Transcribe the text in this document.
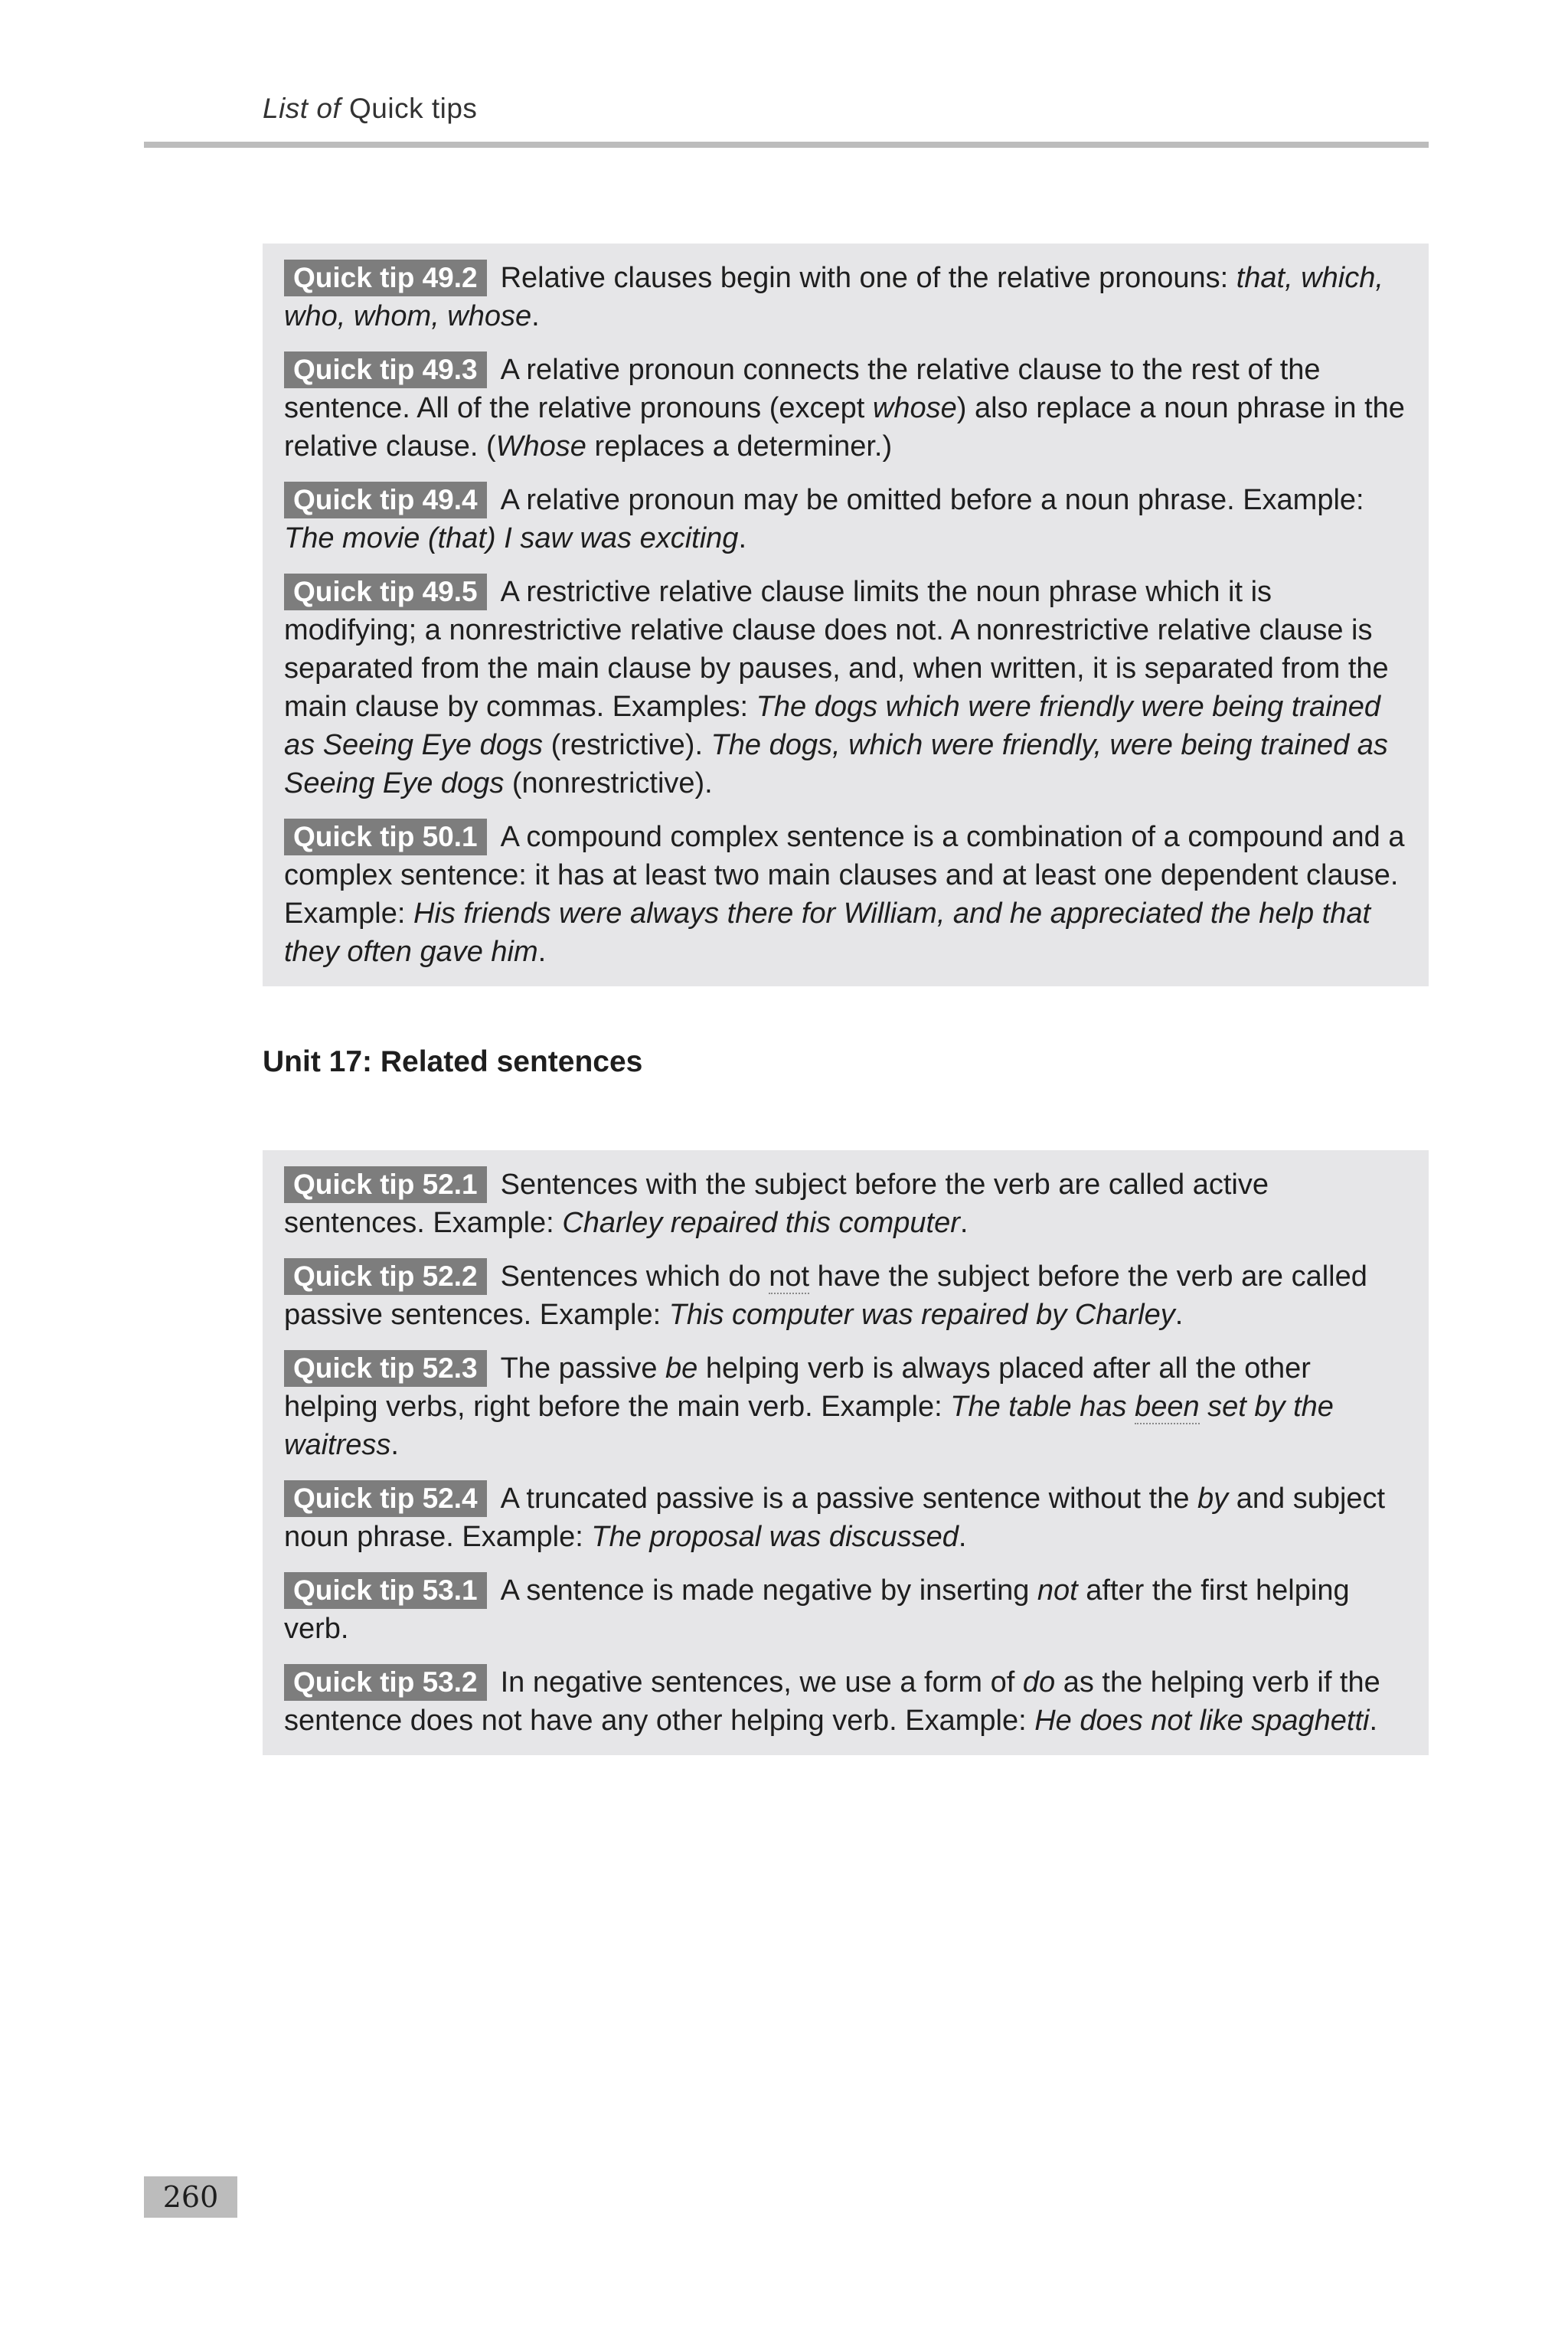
List of Quick tips
Quick tip 49.2 Relative clauses begin with one of the relative pronouns: that, which, who, whom, whose.
Quick tip 49.3 A relative pronoun connects the relative clause to the rest of the sentence. All of the relative pronouns (except whose) also replace a noun phrase in the relative clause. (Whose replaces a determiner.)
Quick tip 49.4 A relative pronoun may be omitted before a noun phrase. Example: The movie (that) I saw was exciting.
Quick tip 49.5 A restrictive relative clause limits the noun phrase which it is modifying; a nonrestrictive relative clause does not. A nonrestrictive relative clause is separated from the main clause by pauses, and, when written, it is separated from the main clause by commas. Examples: The dogs which were friendly were being trained as Seeing Eye dogs (restrictive). The dogs, which were friendly, were being trained as Seeing Eye dogs (nonrestrictive).
Quick tip 50.1 A compound complex sentence is a combination of a compound and a complex sentence: it has at least two main clauses and at least one dependent clause. Example: His friends were always there for William, and he appreciated the help that they often gave him.
Unit 17: Related sentences
Quick tip 52.1 Sentences with the subject before the verb are called active sentences. Example: Charley repaired this computer.
Quick tip 52.2 Sentences which do not have the subject before the verb are called passive sentences. Example: This computer was repaired by Charley.
Quick tip 52.3 The passive be helping verb is always placed after all the other helping verbs, right before the main verb. Example: The table has been set by the waitress.
Quick tip 52.4 A truncated passive is a passive sentence without the by and subject noun phrase. Example: The proposal was discussed.
Quick tip 53.1 A sentence is made negative by inserting not after the first helping verb.
Quick tip 53.2 In negative sentences, we use a form of do as the helping verb if the sentence does not have any other helping verb. Example: He does not like spaghetti.
260
